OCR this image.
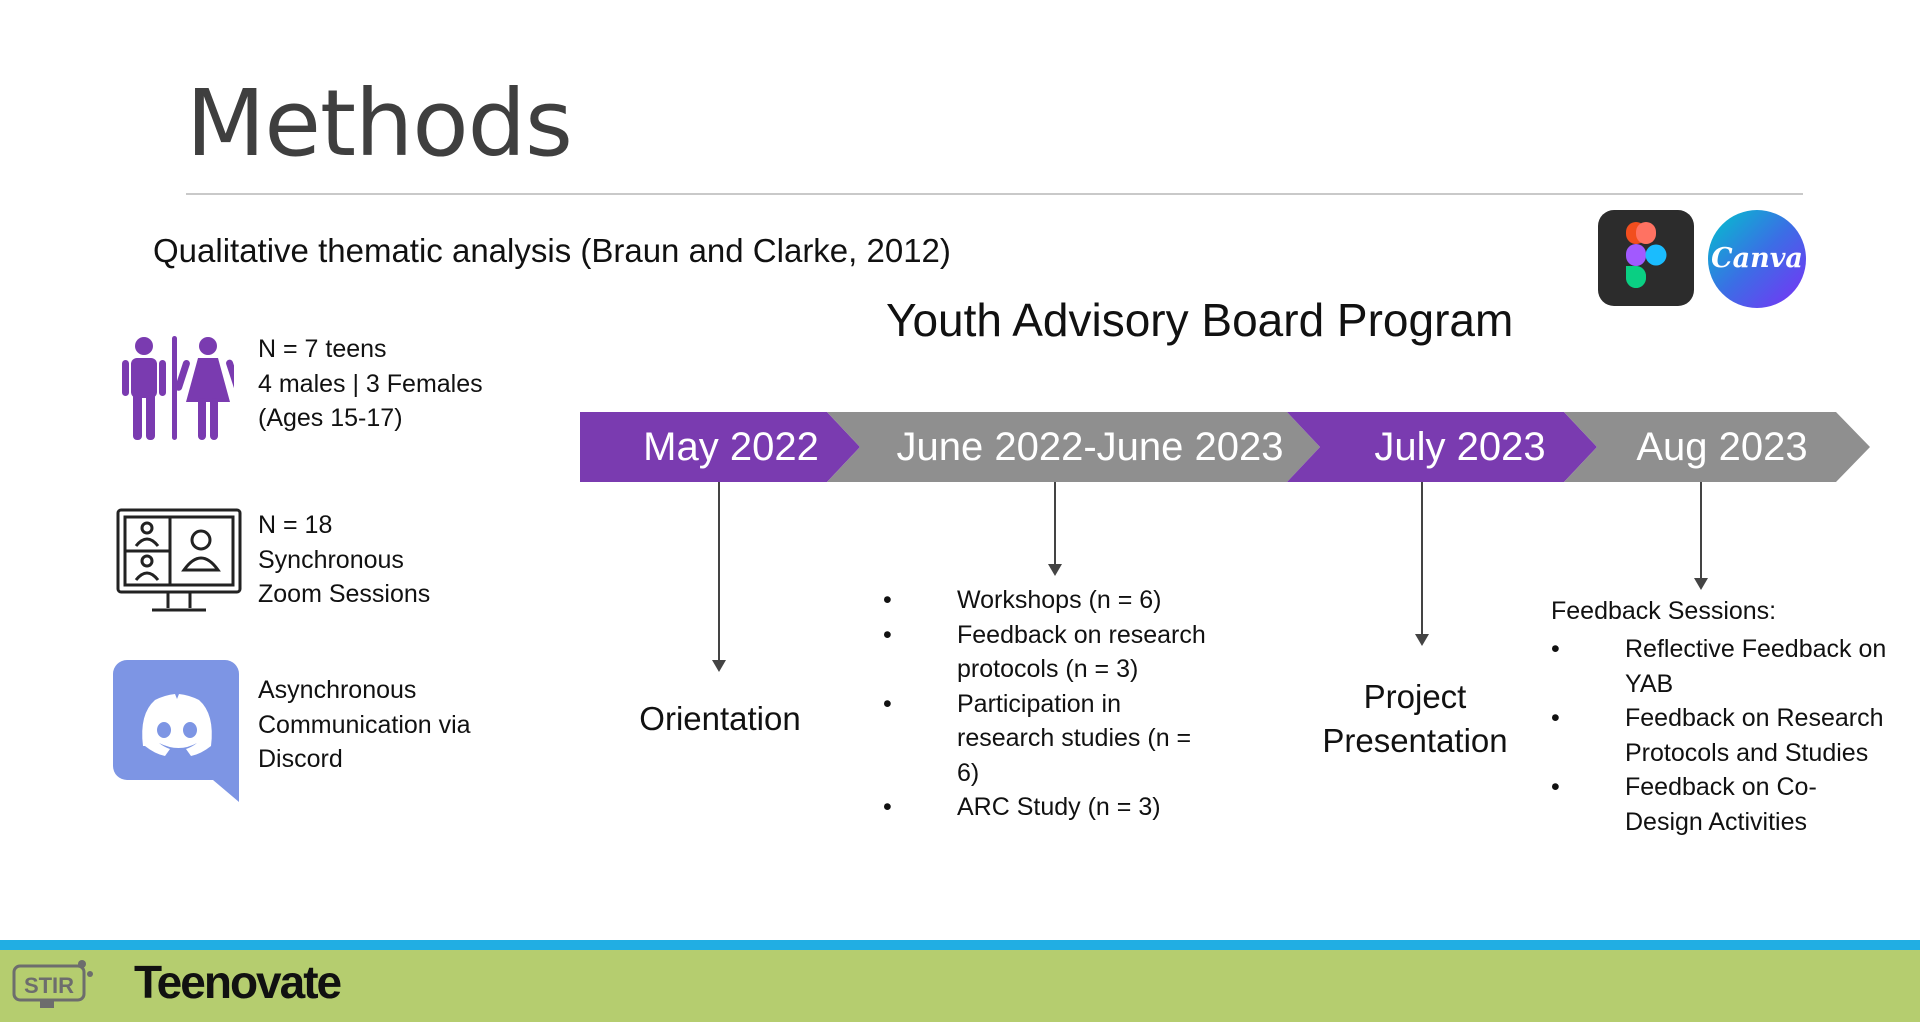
Methods
Qualitative thematic analysis (Braun and Clarke, 2012)	Canva
N = 7 teens
4 males | 3 Females
(Ages 15-17)
N = 18
Synchronous
Zoom Sessions
Asynchronous
Communication via
Discord
Youth Advisory Board Program
May 2022	June 2022-June 2023	July 2023	Aug 2023
Orientation
• Workshops (n = 6)
• Feedback on research
protocols (n = 3)
• Participation in
research studies (n =
6)
• ARC Study (n = 3)
Project
Presentation
Feedback Sessions:
• Reflective Feedback on
YAB
• Feedback on Research
Protocols and Studies
• Feedback on Co-
Design Activities
STIR Teenovate
